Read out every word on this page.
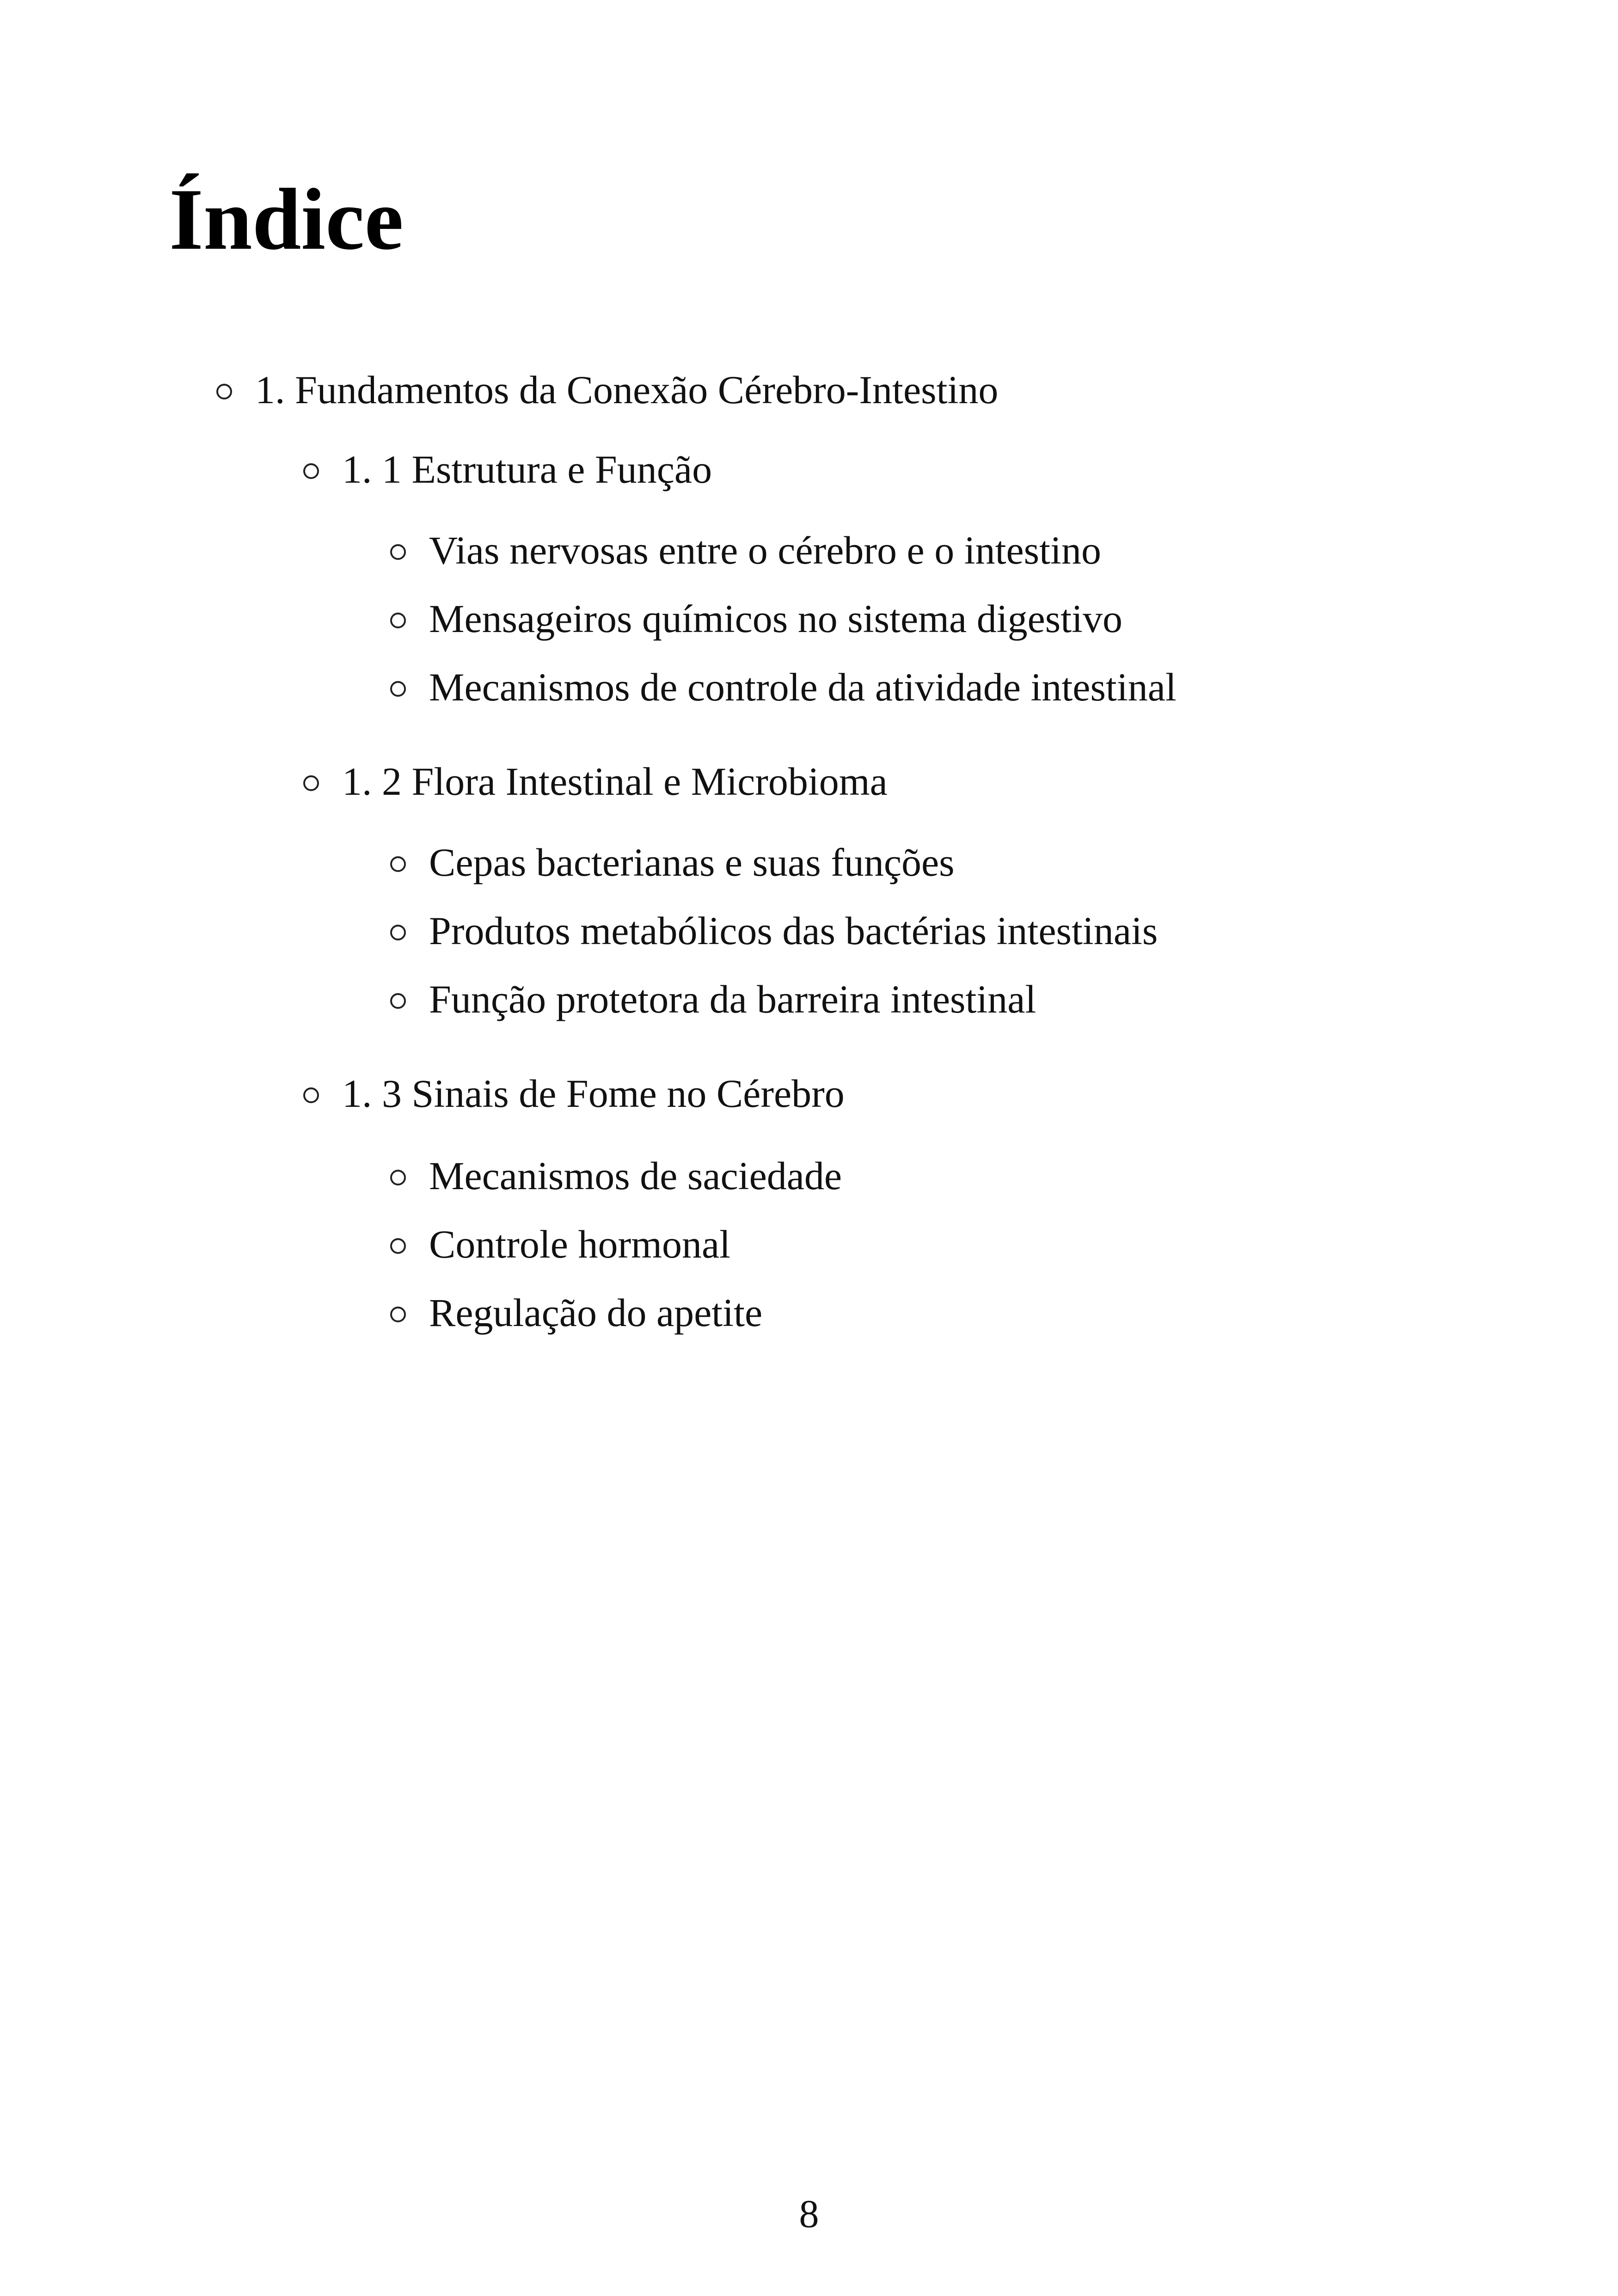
Índice
1. Fundamentos da Conexão Cérebro-Intestino
1. 1 Estrutura e Função
Vias nervosas entre o cérebro e o intestino
Mensageiros químicos no sistema digestivo
Mecanismos de controle da atividade intestinal
1. 2 Flora Intestinal e Microbioma
Cepas bacterianas e suas funções
Produtos metabólicos das bactérias intestinais
Função protetora da barreira intestinal
1. 3 Sinais de Fome no Cérebro
Mecanismos de saciedade
Controle hormonal
Regulação do apetite
8
